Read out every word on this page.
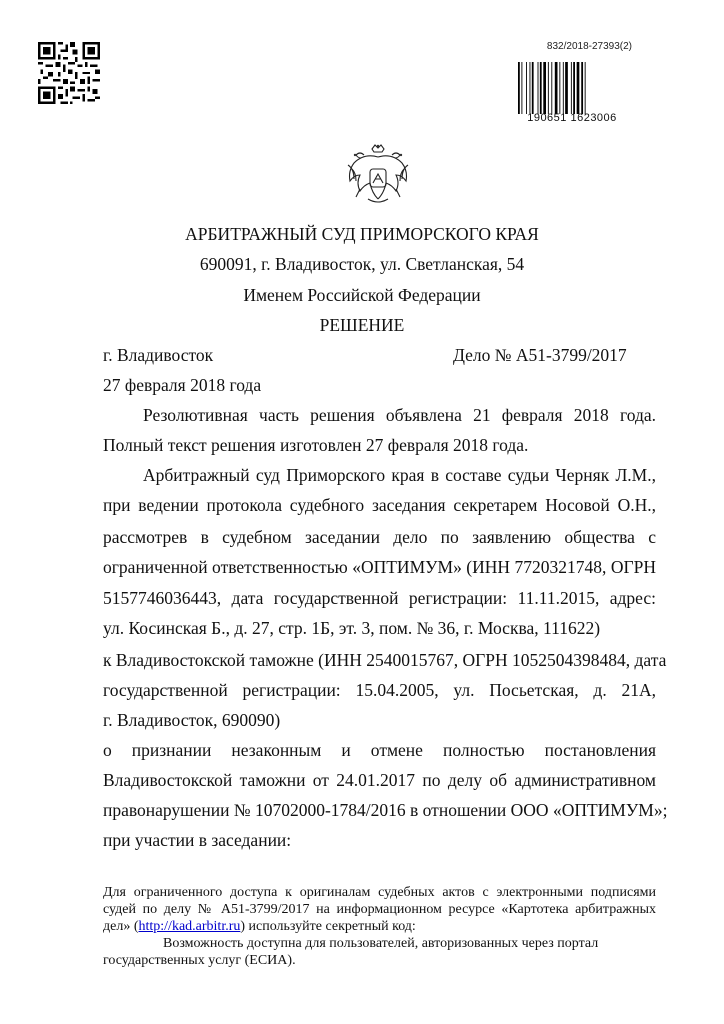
832/2018-27393(2)
190651 1623006
АРБИТРАЖНЫЙ СУД ПРИМОРСКОГО КРАЯ
690091, г. Владивосток, ул. Светланская, 54
Именем Российской Федерации
РЕШЕНИЕ
г. Владивосток	Дело № А51-3799/2017
27 февраля 2018 года
Резолютивная часть решения объявлена 21 февраля 2018 года.
Полный текст решения изготовлен 27 февраля 2018 года.
Арбитражный суд Приморского края в составе судьи Черняк Л.М.,
при ведении протокола судебного заседания секретарем Носовой О.Н.,
рассмотрев в судебном заседании дело по заявлению общества с
ограниченной ответственностью «ОПТИМУМ» (ИНН 7720321748, ОГРН
5157746036443, дата государственной регистрации: 11.11.2015, адрес:
ул. Косинская Б., д. 27, стр. 1Б, эт. 3, пом. № 36, г. Москва, 111622)
к Владивостокской таможне (ИНН 2540015767, ОГРН 1052504398484, дата
государственной регистрации: 15.04.2005, ул. Посьетская, д. 21А,
г. Владивосток, 690090)
о признании незаконным и отмене полностью постановления
Владивостокской таможни от 24.01.2017 по делу об административном
правонарушении № 10702000-1784/2016 в отношении ООО «ОПТИМУМ»;
при участии в заседании:
Для ограниченного доступа к оригиналам судебных актов с электронными подписями
судей по делу № А51-3799/2017 на информационном ресурсе «Картотека арбитражных
дел» (http://kad.arbitr.ru) используйте секретный код:
Возможность доступна для пользователей, авторизованных через портал
государственных услуг (ЕСИА).
